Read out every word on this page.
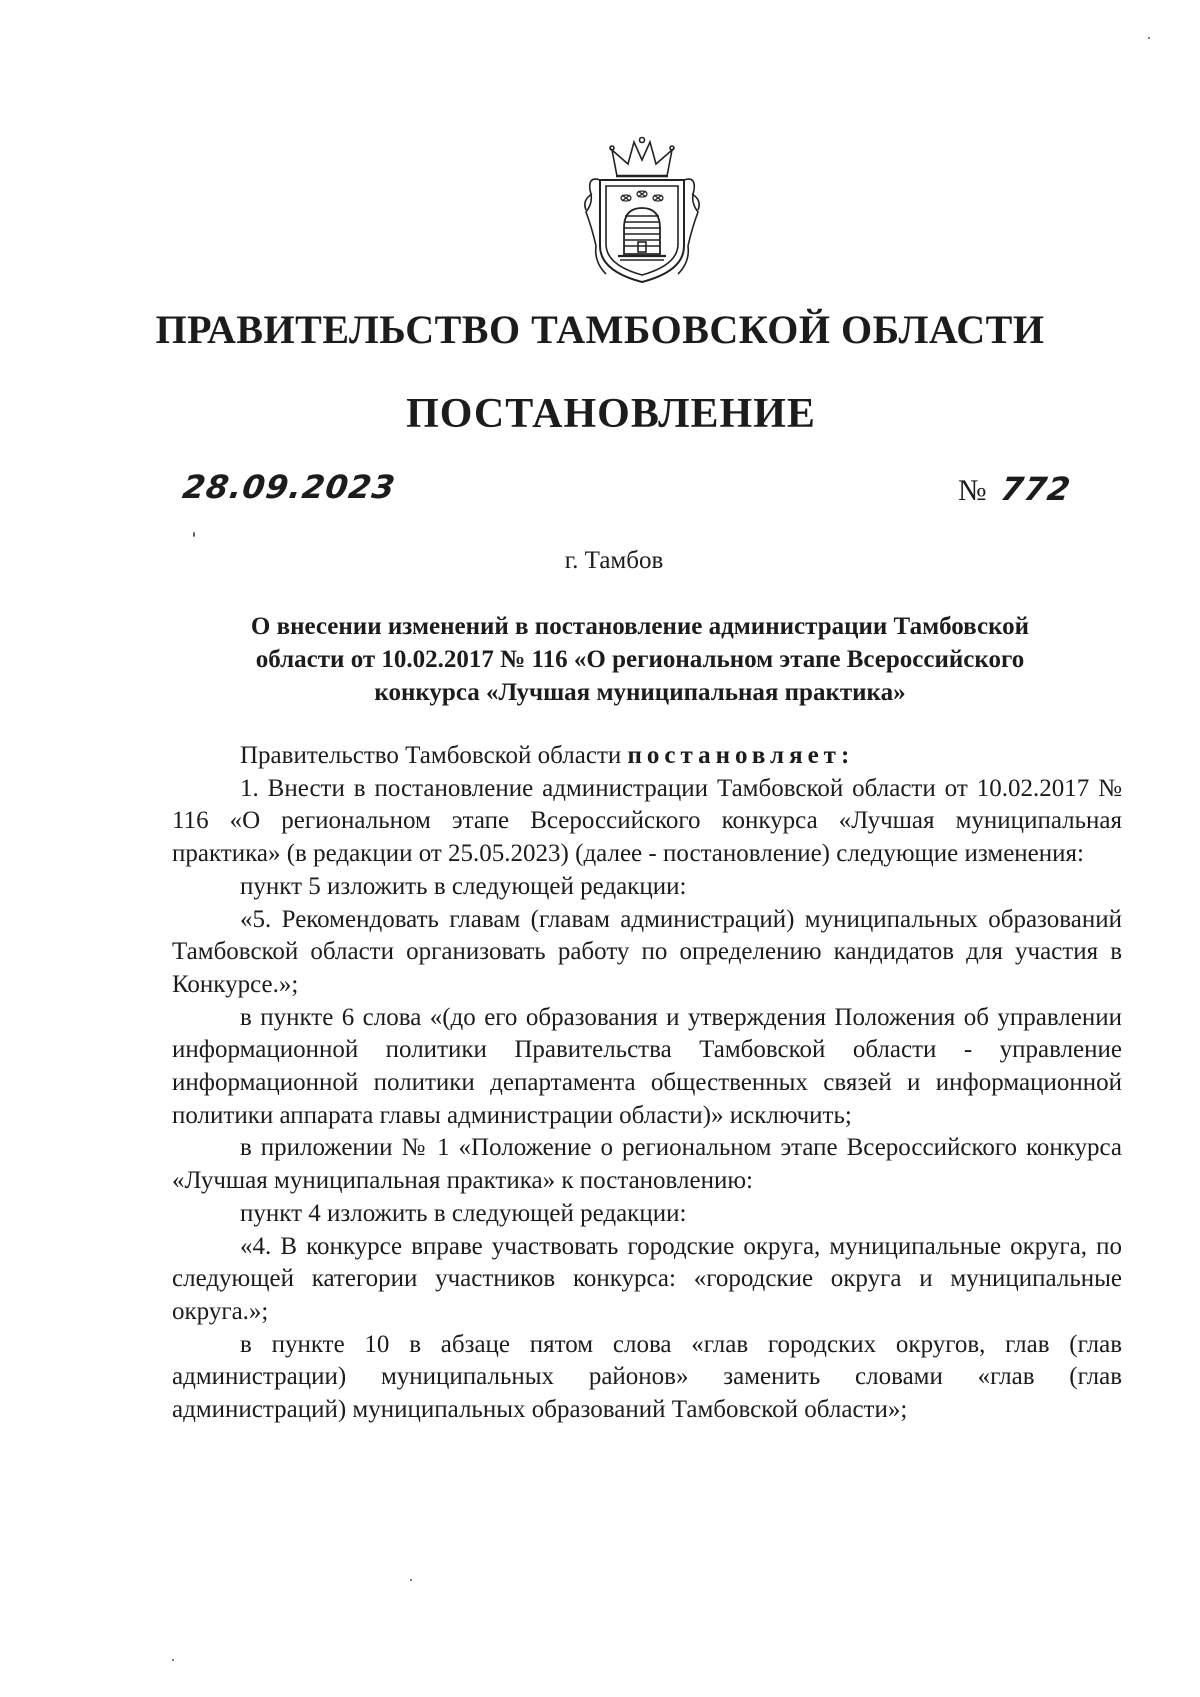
ПРАВИТЕЛЬСТВО ТАМБОВСКОЙ ОБЛАСТИ
ПОСТАНОВЛЕНИЕ
28.09.2023	№ 772
г. Тамбов
О внесении изменений в постановление администрации Тамбовской
области от 10.02.2017 № 116 «О региональном этапе Всероссийского
конкурса «Лучшая муниципальная практика»

Правительство Тамбовской области постановляет:

1. Внести в постановление администрации Тамбовской области от 10.02.2017 № 116 «О региональном этапе Всероссийского конкурса «Лучшая муниципальная практика» (в редакции от 25.05.2023) (далее - постановление) следующие изменения:

пункт 5 изложить в следующей редакции:

«5. Рекомендовать главам (главам администраций) муниципальных образований Тамбовской области организовать работу по определению кандидатов для участия в Конкурсе.»;

в пункте 6 слова «(до его образования и утверждения Положения об управлении информационной политики Правительства Тамбовской области - управление информационной политики департамента общественных связей и информационной политики аппарата главы администрации области)» исключить;

в приложении № 1 «Положение о региональном этапе Всероссийского конкурса «Лучшая муниципальная практика» к постановлению:

пункт 4 изложить в следующей редакции:

«4. В конкурсе вправе участвовать городские округа, муниципальные округа, по следующей категории участников конкурса: «городские округа и муниципальные округа.»;

в пункте 10 в абзаце пятом слова «глав городских округов, глав (глав администрации) муниципальных районов» заменить словами «глав (глав администраций) муниципальных образований Тамбовской области»;
